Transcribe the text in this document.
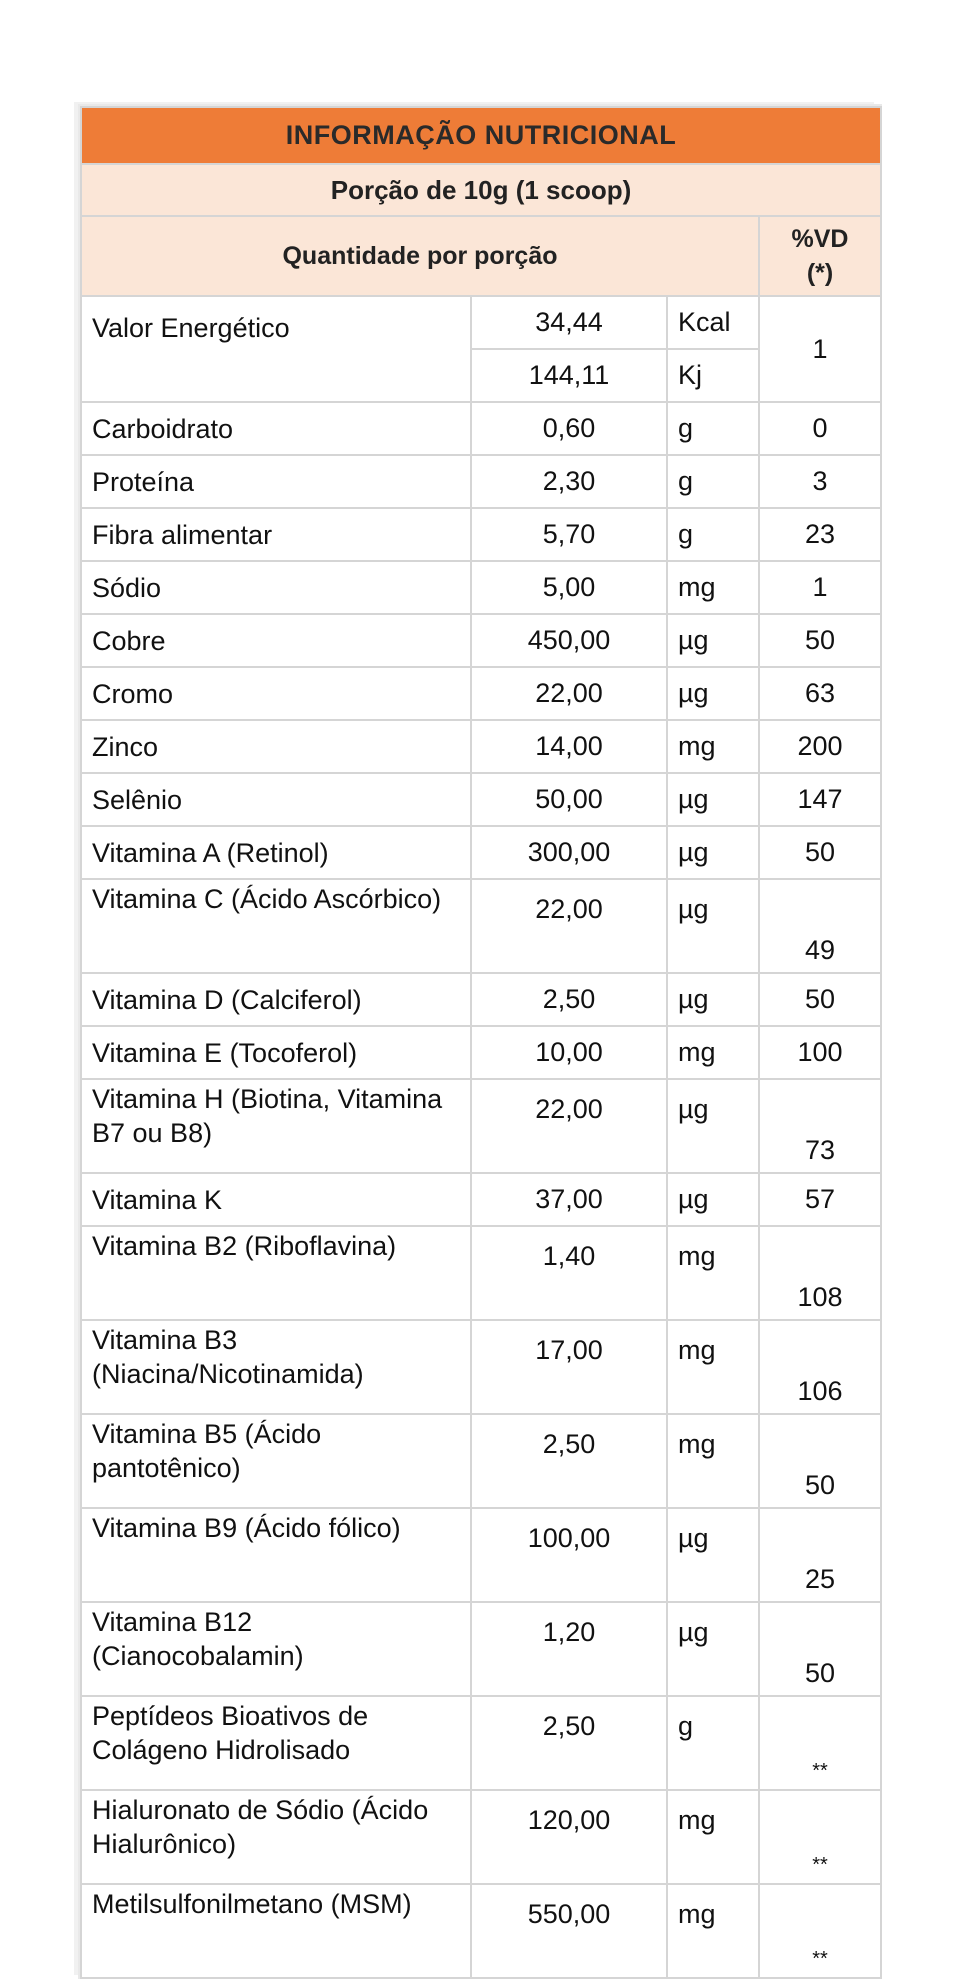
INFORMAÇÃO NUTRICIONAL			
Porção de 10g (1 scoop)			
Quantidade por porção			%VD
(*)
Valor Energético	34,44	Kcal	1
	144,11	Kj	
Carboidrato	0,60	g	0
Proteína	2,30	g	3
Fibra alimentar	5,70	g	23
Sódio	5,00	mg	1
Cobre	450,00	µg	50
Cromo	22,00	µg	63
Zinco	14,00	mg	200
Selênio	50,00	µg	147
Vitamina A (Retinol)	300,00	µg	50
Vitamina C (Ácido Ascórbico)	22,00	µg	49
Vitamina D (Calciferol)	2,50	µg	50
Vitamina E (Tocoferol)	10,00	mg	100
Vitamina H (Biotina, Vitamina B7 ou B8)	22,00	µg	73
Vitamina K	37,00	µg	57
Vitamina B2 (Riboflavina)	1,40	mg	108
Vitamina B3 (Niacina/Nicotinamida)	17,00	mg	106
Vitamina B5 (Ácido pantotênico)	2,50	mg	50
Vitamina B9 (Ácido fólico)	100,00	µg	25
Vitamina B12 (Cianocobalamin)	1,20	µg	50
Peptídeos Bioativos de Colágeno Hidrolisado	2,50	g	**
Hialuronato de Sódio (Ácido Hialurônico)	120,00	mg	**
Metilsulfonilmetano (MSM)	550,00	mg	**
